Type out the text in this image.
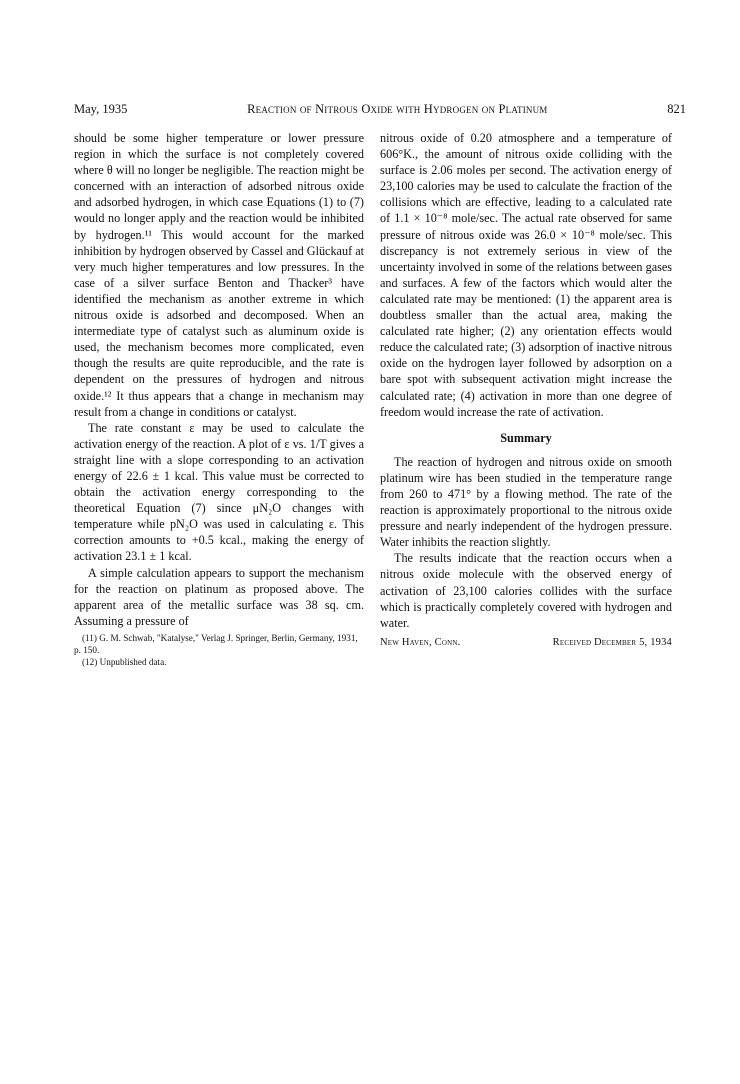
May, 1935	Reaction of Nitrous Oxide with Hydrogen on Platinum	821

should be some higher temperature or lower pressure region in which the surface is not completely covered where θ will no longer be negligible. The reaction might be concerned with an interaction of adsorbed nitrous oxide and adsorbed hydrogen, in which case Equations (1) to (7) would no longer apply and the reaction would be inhibited by hydrogen.¹¹ This would account for the marked inhibition by hydrogen observed by Cassel and Glückauf at very much higher temperatures and low pressures. In the case of a silver surface Benton and Thacker³ have identified the mechanism as another extreme in which nitrous oxide is adsorbed and decomposed. When an intermediate type of catalyst such as aluminum oxide is used, the mechanism becomes more complicated, even though the results are quite reproducible, and the rate is dependent on the pressures of hydrogen and nitrous oxide.¹² It thus appears that a change in mechanism may result from a change in conditions or catalyst.

The rate constant ε may be used to calculate the activation energy of the reaction. A plot of ε vs. 1/T gives a straight line with a slope corresponding to an activation energy of 22.6 ± 1 kcal. This value must be corrected to obtain the activation energy corresponding to the theoretical Equation (7) since μN₂O changes with temperature while pN₂O was used in calculating ε. This correction amounts to +0.5 kcal., making the energy of activation 23.1 ± 1 kcal.

A simple calculation appears to support the mechanism for the reaction on platinum as proposed above. The apparent area of the metallic surface was 38 sq. cm. Assuming a pressure of

(11) G. M. Schwab, "Katalyse," Verlag J. Springer, Berlin, Germany, 1931, p. 150.

(12) Unpublished data.

nitrous oxide of 0.20 atmosphere and a temperature of 606°K., the amount of nitrous oxide colliding with the surface is 2.06 moles per second. The activation energy of 23,100 calories may be used to calculate the fraction of the collisions which are effective, leading to a calculated rate of 1.1 × 10⁻⁸ mole/sec. The actual rate observed for same pressure of nitrous oxide was 26.0 × 10⁻⁸ mole/sec. This discrepancy is not extremely serious in view of the uncertainty involved in some of the relations between gases and surfaces. A few of the factors which would alter the calculated rate may be mentioned: (1) the apparent area is doubtless smaller than the actual area, making the calculated rate higher; (2) any orientation effects would reduce the calculated rate; (3) adsorption of inactive nitrous oxide on the hydrogen layer followed by adsorption on a bare spot with subsequent activation might increase the calculated rate; (4) activation in more than one degree of freedom would increase the rate of activation.

Summary

The reaction of hydrogen and nitrous oxide on smooth platinum wire has been studied in the temperature range from 260 to 471° by a flowing method. The rate of the reaction is approximately proportional to the nitrous oxide pressure and nearly independent of the hydrogen pressure. Water inhibits the reaction slightly.

The results indicate that the reaction occurs when a nitrous oxide molecule with the observed energy of activation of 23,100 calories collides with the surface which is practically completely covered with hydrogen and water.

New Haven, Conn.	Received December 5, 1934
